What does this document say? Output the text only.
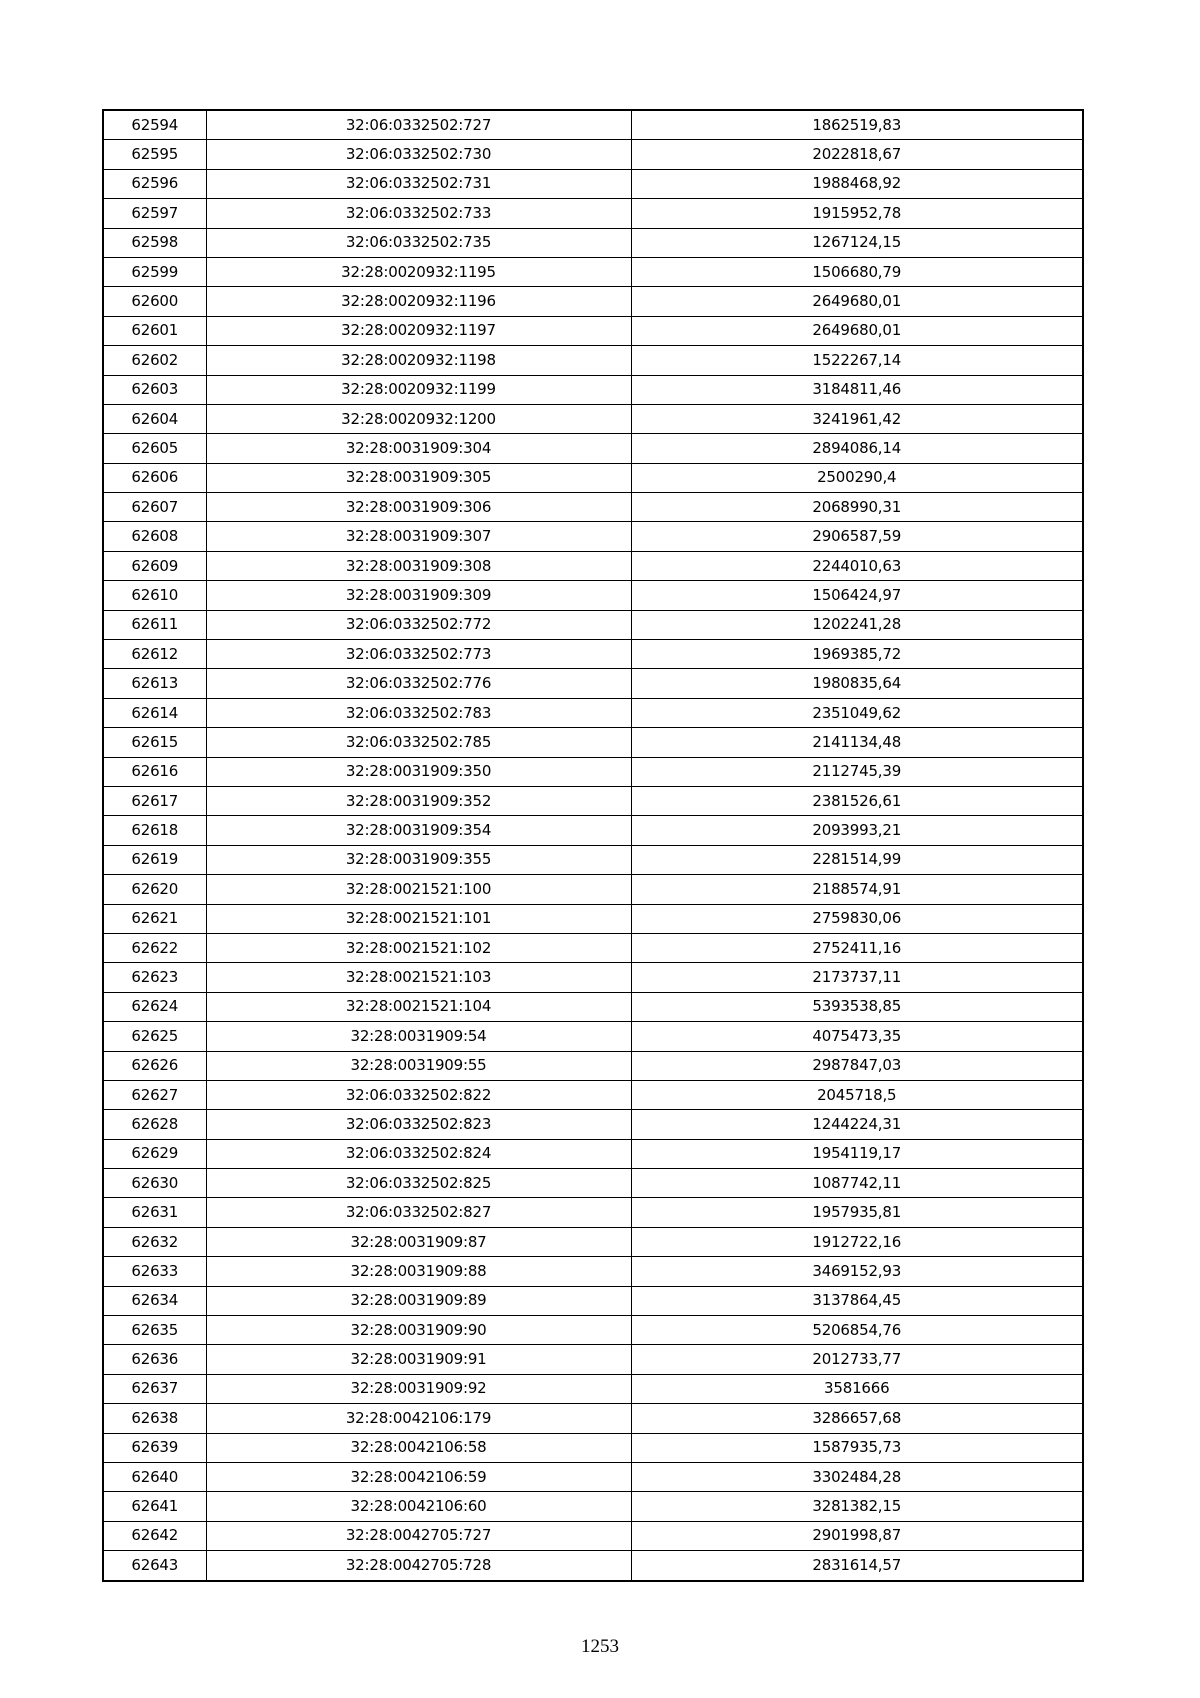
62594	32:06:0332502:727	1862519,83
62595	32:06:0332502:730	2022818,67
62596	32:06:0332502:731	1988468,92
62597	32:06:0332502:733	1915952,78
62598	32:06:0332502:735	1267124,15
62599	32:28:0020932:1195	1506680,79
62600	32:28:0020932:1196	2649680,01
62601	32:28:0020932:1197	2649680,01
62602	32:28:0020932:1198	1522267,14
62603	32:28:0020932:1199	3184811,46
62604	32:28:0020932:1200	3241961,42
62605	32:28:0031909:304	2894086,14
62606	32:28:0031909:305	2500290,4
62607	32:28:0031909:306	2068990,31
62608	32:28:0031909:307	2906587,59
62609	32:28:0031909:308	2244010,63
62610	32:28:0031909:309	1506424,97
62611	32:06:0332502:772	1202241,28
62612	32:06:0332502:773	1969385,72
62613	32:06:0332502:776	1980835,64
62614	32:06:0332502:783	2351049,62
62615	32:06:0332502:785	2141134,48
62616	32:28:0031909:350	2112745,39
62617	32:28:0031909:352	2381526,61
62618	32:28:0031909:354	2093993,21
62619	32:28:0031909:355	2281514,99
62620	32:28:0021521:100	2188574,91
62621	32:28:0021521:101	2759830,06
62622	32:28:0021521:102	2752411,16
62623	32:28:0021521:103	2173737,11
62624	32:28:0021521:104	5393538,85
62625	32:28:0031909:54	4075473,35
62626	32:28:0031909:55	2987847,03
62627	32:06:0332502:822	2045718,5
62628	32:06:0332502:823	1244224,31
62629	32:06:0332502:824	1954119,17
62630	32:06:0332502:825	1087742,11
62631	32:06:0332502:827	1957935,81
62632	32:28:0031909:87	1912722,16
62633	32:28:0031909:88	3469152,93
62634	32:28:0031909:89	3137864,45
62635	32:28:0031909:90	5206854,76
62636	32:28:0031909:91	2012733,77
62637	32:28:0031909:92	3581666
62638	32:28:0042106:179	3286657,68
62639	32:28:0042106:58	1587935,73
62640	32:28:0042106:59	3302484,28
62641	32:28:0042106:60	3281382,15
62642	32:28:0042705:727	2901998,87
62643	32:28:0042705:728	2831614,57
1253
